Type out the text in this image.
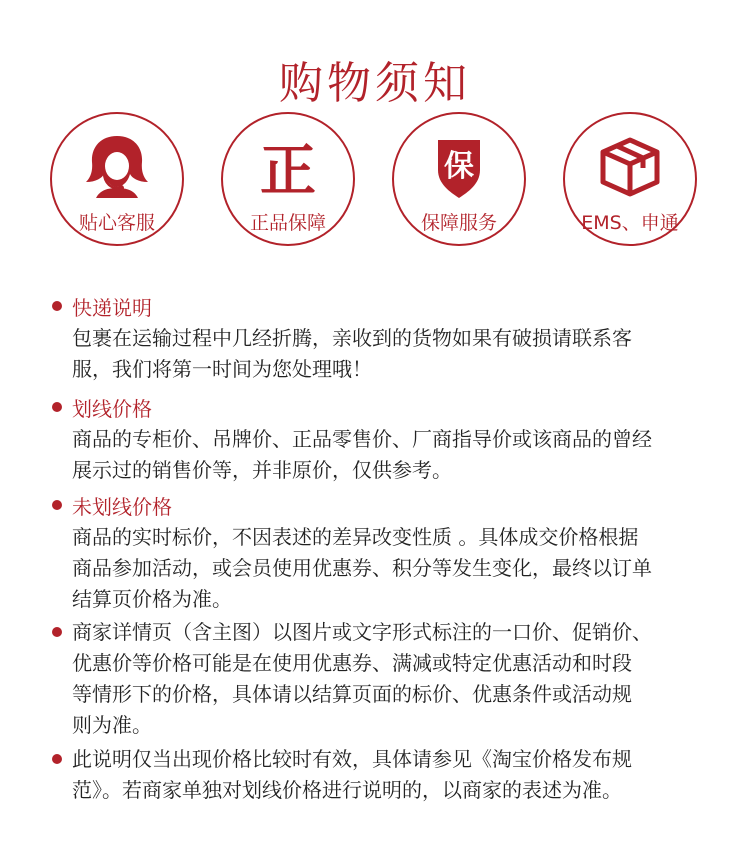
购物须知
贴心客服
正
正品保障
保
保障服务	EMS、申通
快递说明
包裹在运输过程中几经折腾，亲收到的货物如果有破损请联系客
服，我们将第一时间为您处理哦！
划线价格
商品的专柜价、吊牌价、正品零售价、厂商指导价或该商品的曾经
展示过的销售价等，并非原价，仅供参考。
未划线价格
商品的实时标价，不因表述的差异改变性质 。具体成交价格根据
商品参加活动，或会员使用优惠券、积分等发生变化，最终以订单
结算页价格为准。
商家详情页（含主图）以图片或文字形式标注的一口价、促销价、
优惠价等价格可能是在使用优惠券、满减或特定优惠活动和时段
等情形下的价格，具体请以结算页面的标价、优惠条件或活动规
则为准。
此说明仅当出现价格比较时有效，具体请参见《淘宝价格发布规
范》。若商家单独对划线价格进行说明的，以商家的表述为准。
